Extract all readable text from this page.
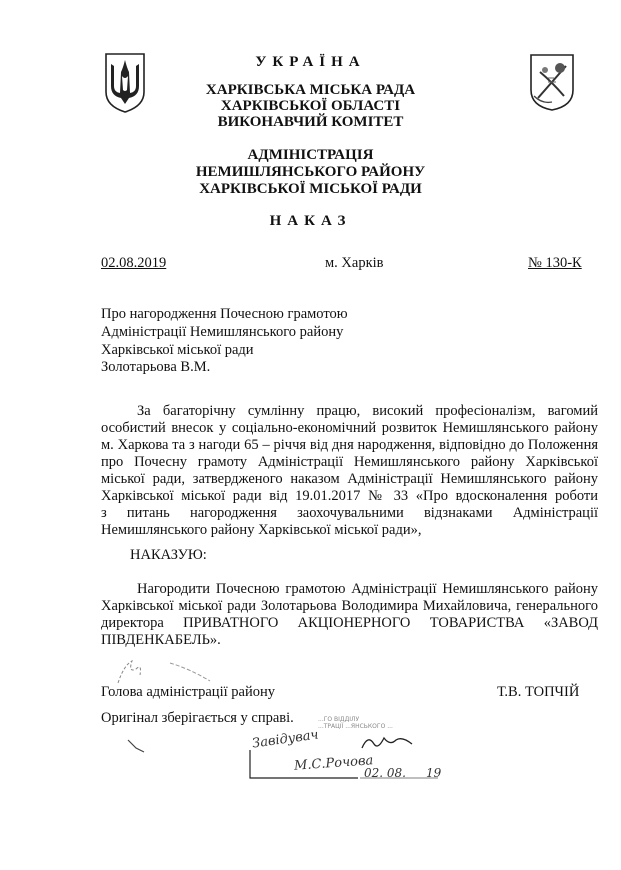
УКРАЇНА
ХАРКІВСЬКА МІСЬКА РАДА
ХАРКІВСЬКОЇ ОБЛАСТІ
ВИКОНАВЧИЙ КОМІТЕТ
АДМІНІСТРАЦІЯ
НЕМИШЛЯНСЬКОГО РАЙОНУ
ХАРКІВСЬКОЇ МІСЬКОЇ РАДИ
НАКАЗ
02.08.2019	м. Харків	№ 130-К
Про нагородження Почесною грамотою
Адміністрації Немишлянського району
Харківської міської ради
Золотарьова В.М.
За багаторічну сумлінну працю, високий професіоналізм, вагомий
особистий внесок у соціально-економічний розвиток Немишлянського району
м. Харкова та з нагоди 65 – річчя від дня народження, відповідно до Положення
про Почесну грамоту Адміністрації Немишлянського району Харківської
міської ради, затвердженого наказом Адміністрації Немишлянського району
Харківської міської ради від 19.01.2017 № 33 «Про вдосконалення роботи
з питань нагородження заохочувальними відзнаками Адміністрації
Немишлянського району Харківської міської ради»,
НАКАЗУЮ:
Нагородити Почесною грамотою Адміністрації Немишлянського району
Харківської міської ради Золотарьова Володимира Михайловича, генерального
директора ПРИВАТНОГО АКЦІОНЕРНОГО ТОВАРИСТВА «ЗАВОД
ПІВДЕНКАБЕЛЬ».
Голова адміністрації району	Т.В. ТОПЧІЙ
Оригінал зберігається у справі.	...ГО ВІДДІЛУ
...ТРАЦІЇ ...ЯНСЬКОГО ...
Завідувач
М.С.Рочова
02. 08. 19
